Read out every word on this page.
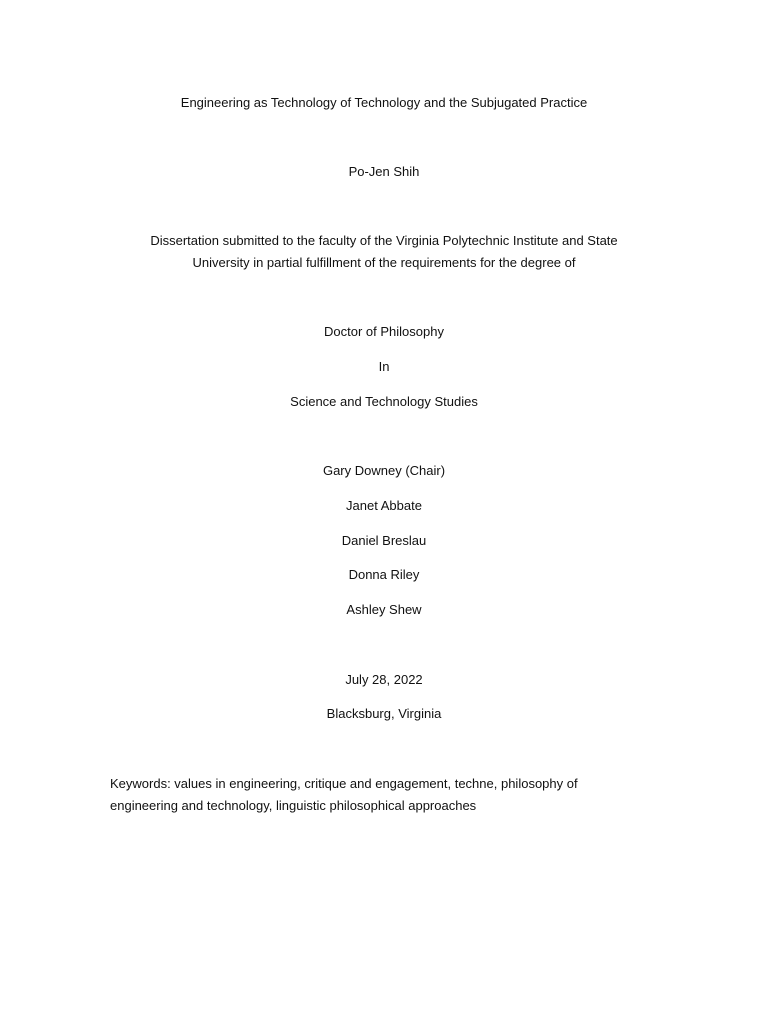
Engineering as Technology of Technology and the Subjugated Practice
Po-Jen Shih
Dissertation submitted to the faculty of the Virginia Polytechnic Institute and State
University in partial fulfillment of the requirements for the degree of
Doctor of Philosophy
In
Science and Technology Studies
Gary Downey (Chair)
Janet Abbate
Daniel Breslau
Donna Riley
Ashley Shew
July 28, 2022
Blacksburg, Virginia
Keywords: values in engineering, critique and engagement, techne, philosophy of
engineering and technology, linguistic philosophical approaches
